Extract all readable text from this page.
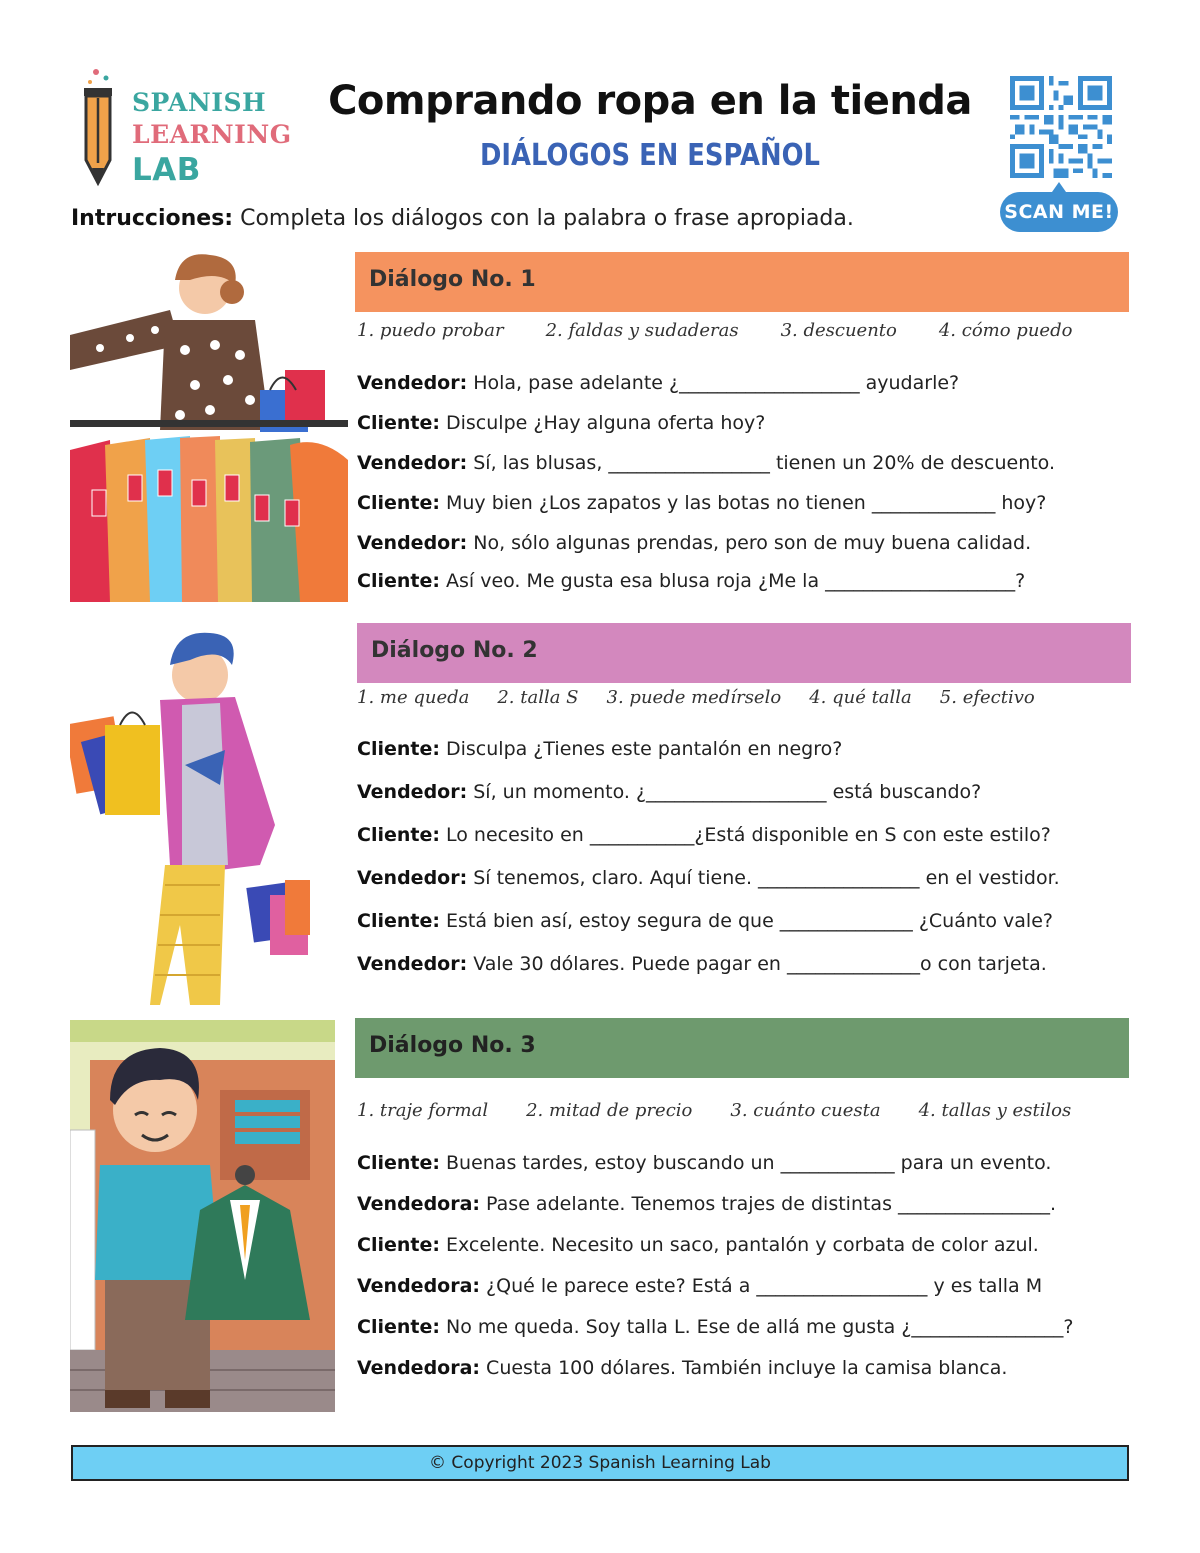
SPANISH
LEARNING
LAB
Comprando ropa en la tienda
DIÁLOGOS EN ESPAÑOL
SCAN ME!
Intrucciones: Completa los diálogos con la palabra o frase apropiada.
Diálogo No. 1
1. puedo probar 2. faldas y sudaderas 3. descuento 4. cómo puedo
Vendedor: Hola, pase adelante ¿___________________ ayudarle?
Cliente: Disculpe ¿Hay alguna oferta hoy?
Vendedor: Sí, las blusas, _________________ tienen un 20% de descuento.
Cliente: Muy bien ¿Los zapatos y las botas no tienen _____________ hoy?
Vendedor: No, sólo algunas prendas, pero son de muy buena calidad.
Cliente: Así veo. Me gusta esa blusa roja ¿Me la ____________________?
Diálogo No. 2
1. me queda 2. talla S 3. puede medírselo 4. qué talla 5. efectivo
Cliente: Disculpa ¿Tienes este pantalón en negro?
Vendedor: Sí, un momento. ¿___________________ está buscando?
Cliente: Lo necesito en ___________¿Está disponible en S con este estilo?
Vendedor: Sí tenemos, claro. Aquí tiene. _________________ en el vestidor.
Cliente: Está bien así, estoy segura de que ______________ ¿Cuánto vale?
Vendedor: Vale 30 dólares. Puede pagar en ______________o con tarjeta.
Diálogo No. 3
1. traje formal 2. mitad de precio 3. cuánto cuesta 4. tallas y estilos
Cliente: Buenas tardes, estoy buscando un ____________ para un evento.
Vendedora: Pase adelante. Tenemos trajes de distintas ________________.
Cliente: Excelente. Necesito un saco, pantalón y corbata de color azul.
Vendedora: ¿Qué le parece este? Está a __________________ y es talla M
Cliente: No me queda. Soy talla L. Ese de allá me gusta ¿________________?
Vendedora: Cuesta 100 dólares. También incluye la camisa blanca.
© Copyright 2023 Spanish Learning Lab
